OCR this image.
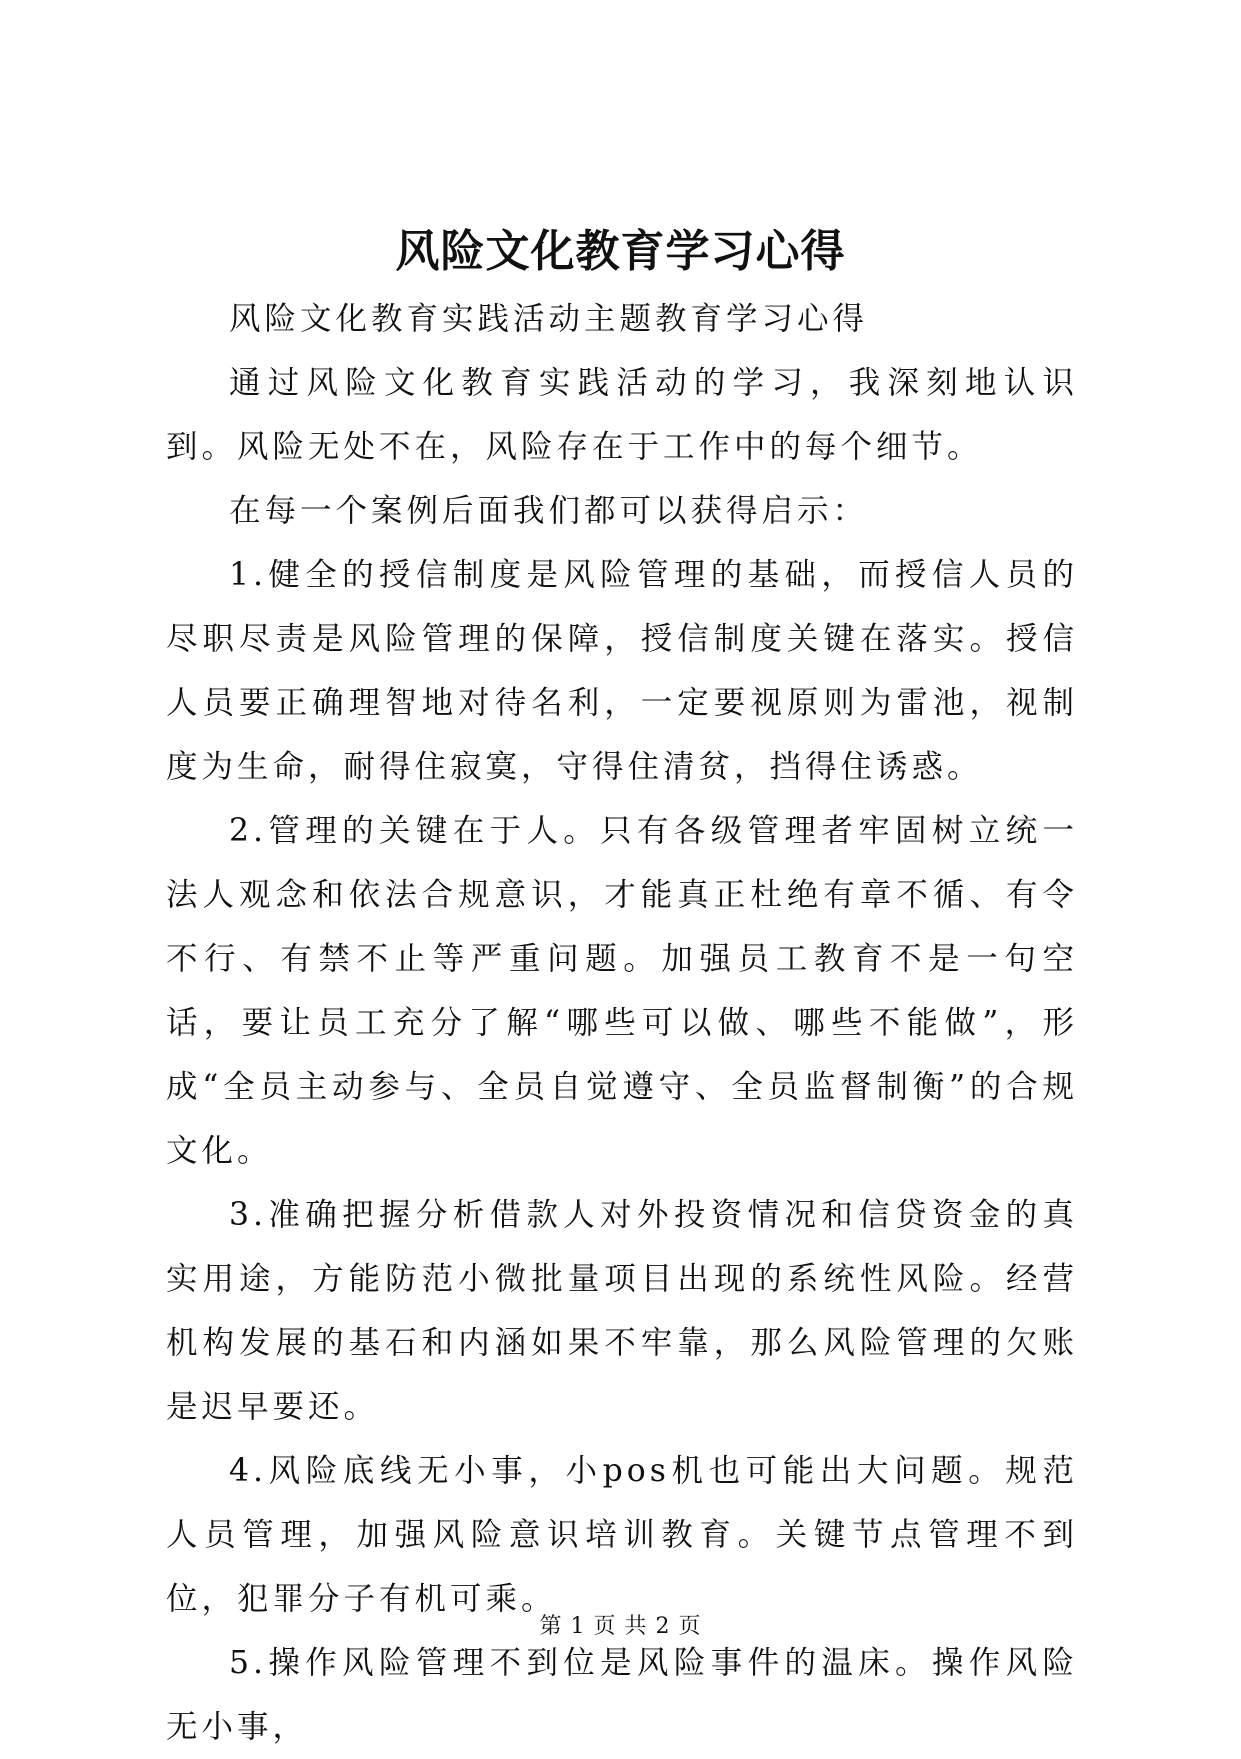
风险文化教育学习心得

风险文化教育实践活动主题教育学习心得

通过风险文化教育实践活动的学习，我深刻地认识到。风险无处不在，风险存在于工作中的每个细节。

在每一个案例后面我们都可以获得启示：

1.健全的授信制度是风险管理的基础，而授信人员的尽职尽责是风险管理的保障，授信制度关键在落实。授信人员要正确理智地对待名利，一定要视原则为雷池，视制度为生命，耐得住寂寞，守得住清贫，挡得住诱惑。

2.管理的关键在于人。只有各级管理者牢固树立统一法人观念和依法合规意识，才能真正杜绝有章不循、有令不行、有禁不止等严重问题。加强员工教育不是一句空话，要让员工充分了解“哪些可以做、哪些不能做”，形成“全员主动参与、全员自觉遵守、全员监督制衡”的合规文化。

3.准确把握分析借款人对外投资情况和信贷资金的真实用途，方能防范小微批量项目出现的系统性风险。经营机构发展的基石和内涵如果不牢靠，那么风险管理的欠账是迟早要还。

4.风险底线无小事，小pos机也可能出大问题。规范人员管理，加强风险意识培训教育。关键节点管理不到位，犯罪分子有机可乘。

5.操作风险管理不到位是风险事件的温床。操作风险无小事，

第 1 页 共 2 页
